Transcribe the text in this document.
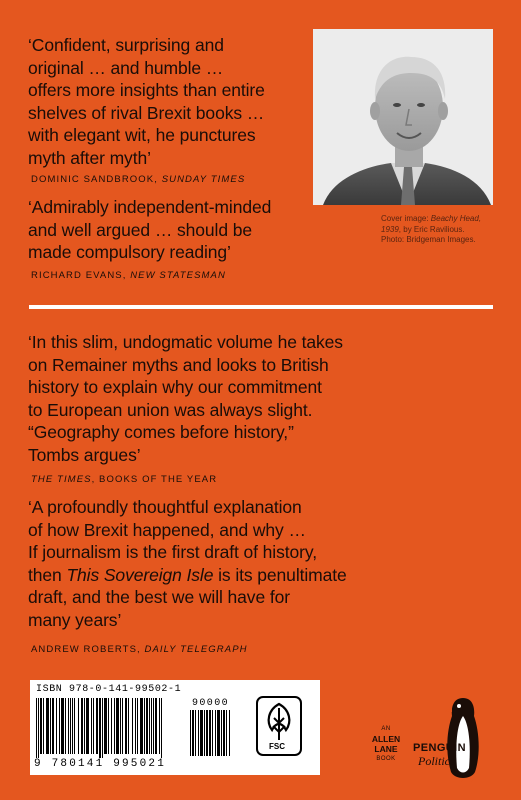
‘Confident, surprising and
original … and humble …
offers more insights than entire
shelves of rival Brexit books …
with elegant wit, he punctures
myth after myth’
DOMINIC SANDBROOK, SUNDAY TIMES
‘Admirably independent-minded
and well argued … should be
made compulsory reading’
RICHARD EVANS, NEW STATESMAN
Cover image: Beachy Head,
1939, by Eric Ravilious.
Photo: Bridgeman Images.
‘In this slim, undogmatic volume he takes
on Remainer myths and looks to British
history to explain why our commitment
to European union was always slight.
“Geography comes before history,”
Tombs argues’
THE TIMES, BOOKS OF THE YEAR
‘A profoundly thoughtful explanation
of how Brexit happened, and why …
If journalism is the first draft of history,
then This Sovereign Isle is its penultimate
draft, and the best we will have for
many years’
ANDREW ROBERTS, DAILY TELEGRAPH
ISBN 978-0-141-99502-1
90000
9 780141 995021
FSC
AN
ALLEN
LANE
BOOK
PENGUIN
Politics
